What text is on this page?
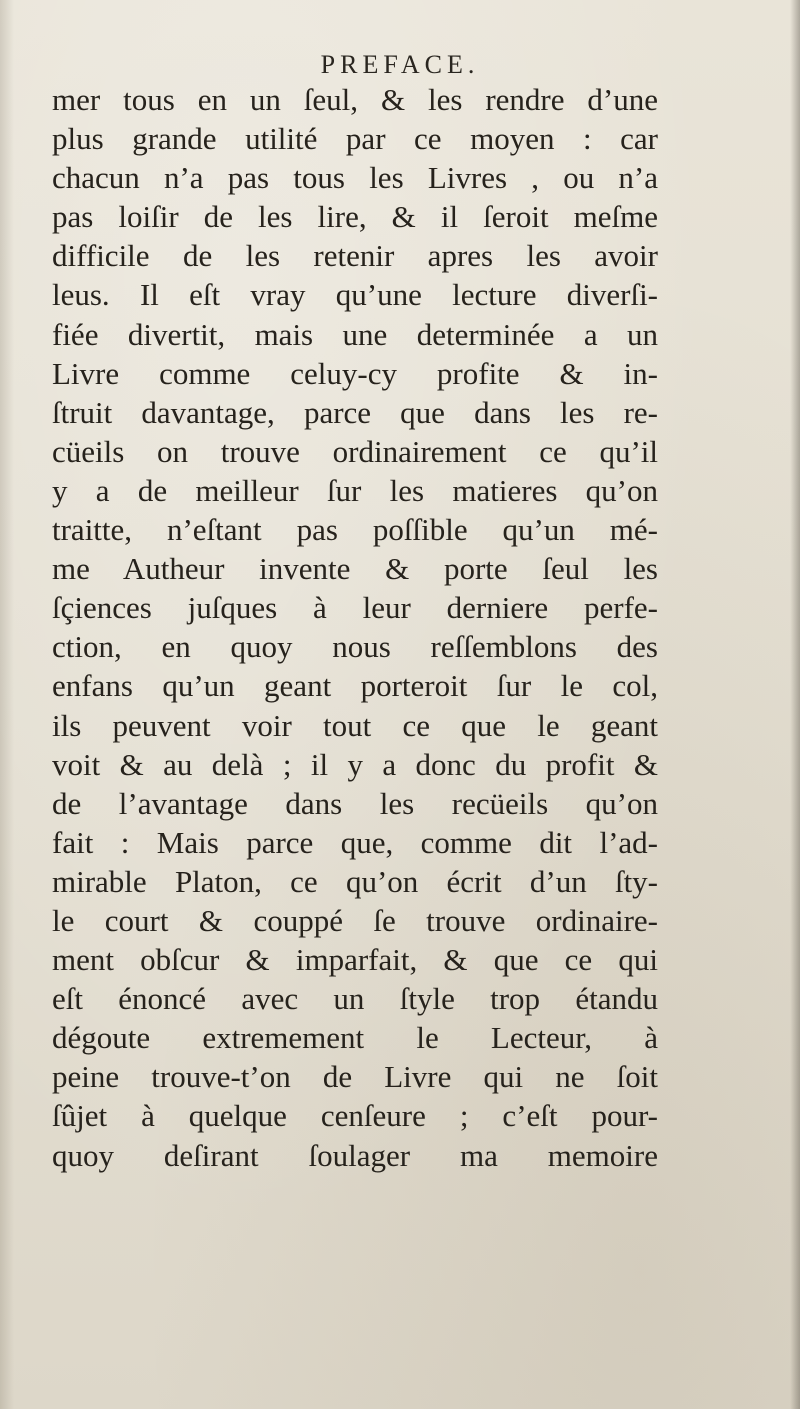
PREFACE.
mer tous en un ſeul, & les rendre d’une
plus grande utilité par ce moyen : car
chacun n’a pas tous les Livres , ou n’a
pas loiſir de les lire, & il ſeroit meſme
difficile de les retenir apres les avoir
leus. Il eſt vray qu’une lecture diverſi-
fiée divertit, mais une determinée a un
Livre comme celuy-cy profite & in-
ſtruit davantage, parce que dans les re-
cüeils on trouve ordinairement ce qu’il
y a de meilleur ſur les matieres qu’on
traitte, n’eſtant pas poſſible qu’un mé-
me Autheur invente & porte ſeul les
ſçiences juſques à leur derniere perfe-
ction, en quoy nous reſſemblons des
enfans qu’un geant porteroit ſur le col,
ils peuvent voir tout ce que le geant
voit & au delà ; il y a donc du profit &
de l’avantage dans les recüeils qu’on
fait : Mais parce que, comme dit l’ad-
mirable Platon, ce qu’on écrit d’un ſty-
le court & couppé ſe trouve ordinaire-
ment obſcur & imparfait, & que ce qui
eſt énoncé avec un ſtyle trop étandu
dégoute extremement le Lecteur, à
peine trouve-t’on de Livre qui ne ſoit
ſûjet à quelque cenſeure ; c’eſt pour-
quoy deſirant ſoulager ma memoire
